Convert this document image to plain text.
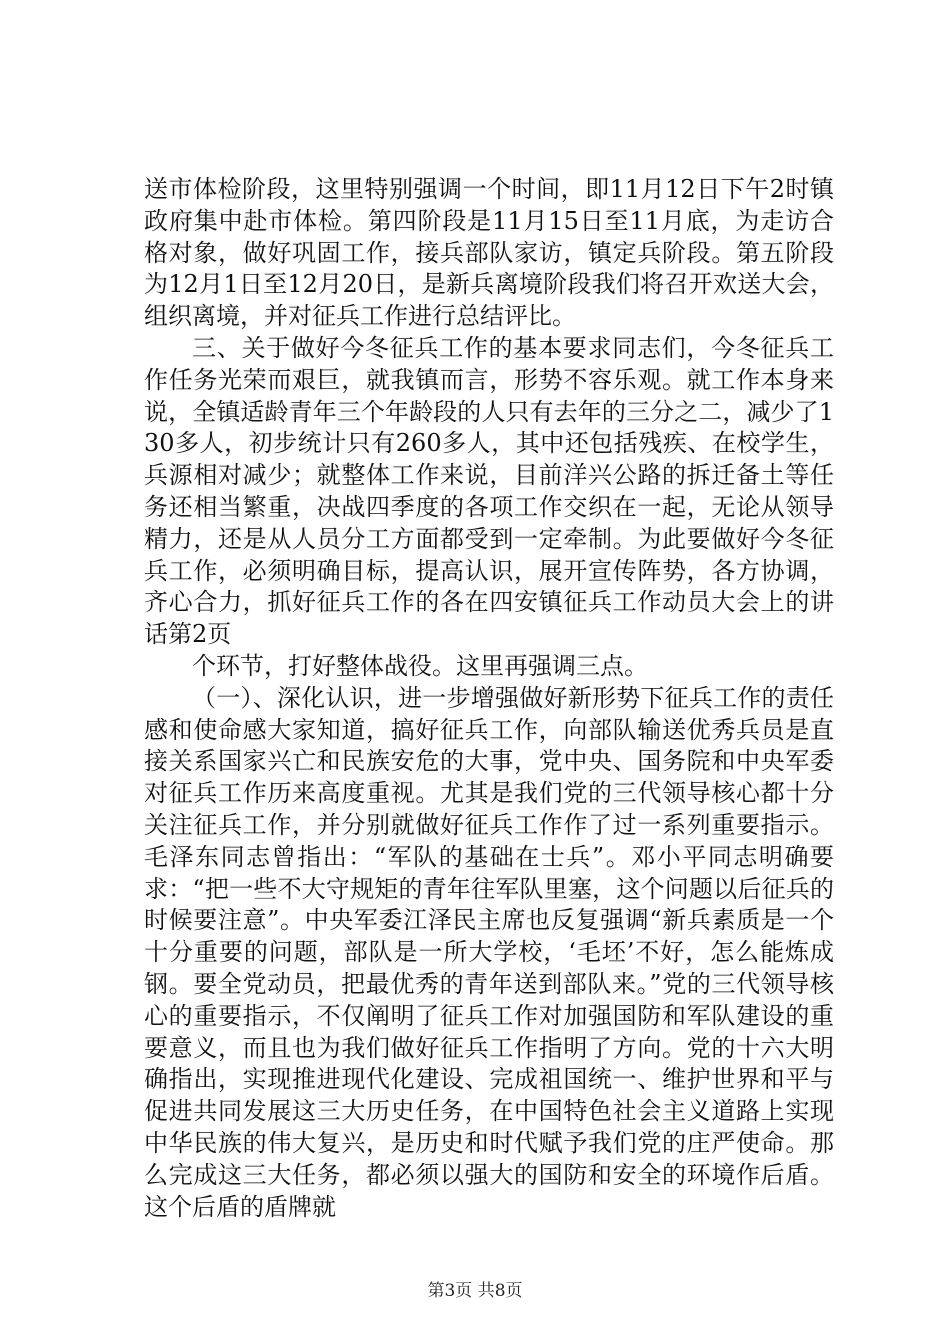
送市体检阶段，这里特别强调一个时间，即11月12日下午2时镇政府集中赴市体检。第四阶段是11月15日至11月底，为走访合格对象，做好巩固工作，接兵部队家访，镇定兵阶段。第五阶段为12月1日至12月20日，是新兵离境阶段我们将召开欢送大会，组织离境，并对征兵工作进行总结评比。

三、关于做好今冬征兵工作的基本要求同志们，今冬征兵工作任务光荣而艰巨，就我镇而言，形势不容乐观。就工作本身来说，全镇适龄青年三个年龄段的人只有去年的三分之二，减少了130多人，初步统计只有260多人，其中还包括残疾、在校学生，兵源相对减少；就整体工作来说，目前洋兴公路的拆迁备土等任务还相当繁重，决战四季度的各项工作交织在一起，无论从领导精力，还是从人员分工方面都受到一定牵制。为此要做好今冬征兵工作，必须明确目标，提高认识，展开宣传阵势，各方协调，齐心合力，抓好征兵工作的各在四安镇征兵工作动员大会上的讲话第2页

个环节，打好整体战役。这里再强调三点。

（一）、深化认识，进一步增强做好新形势下征兵工作的责任感和使命感大家知道，搞好征兵工作，向部队输送优秀兵员是直接关系国家兴亡和民族安危的大事，党中央、国务院和中央军委对征兵工作历来高度重视。尤其是我们党的三代领导核心都十分关注征兵工作，并分别就做好征兵工作作了过一系列重要指示。毛泽东同志曾指出：“军队的基础在士兵”。邓小平同志明确要求：“把一些不大守规矩的青年往军队里塞，这个问题以后征兵的时候要注意”。中央军委江泽民主席也反复强调“新兵素质是一个十分重要的问题，部队是一所大学校，‘毛坯’不好，怎么能炼成钢。要全党动员，把最优秀的青年送到部队来。”党的三代领导核心的重要指示，不仅阐明了征兵工作对加强国防和军队建设的重要意义，而且也为我们做好征兵工作指明了方向。党的十六大明确指出，实现推进现代化建设、完成祖国统一、维护世界和平与促进共同发展这三大历史任务，在中国特色社会主义道路上实现中华民族的伟大复兴，是历史和时代赋予我们党的庄严使命。那么完成这三大任务，都必须以强大的国防和安全的环境作后盾。这个后盾的盾牌就

第3页 共8页
